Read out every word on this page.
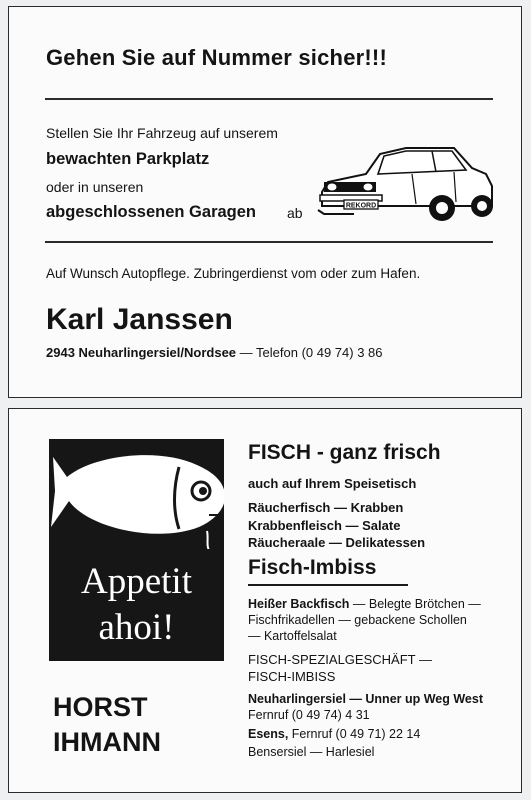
Gehen Sie auf Nummer sicher!!!
Stellen Sie Ihr Fahrzeug auf unserem
bewachten Parkplatz
oder in unseren
abgeschlossenen Garagen ab	REKORD
Auf Wunsch Autopflege. Zubringerdienst vom oder zum Hafen.
Karl Janssen
2943 Neuharlingersiel/Nordsee — Telefon (0 49 74) 3 86
Appetit
ahoi!
FISCH - ganz frisch
auch auf Ihrem Speisetisch
Räucherfisch — Krabben
Krabbenfleisch — Salate
Räucheraale — Delikatessen
Fisch-Imbiss
Heißer Backfisch — Belegte Brötchen —
Fischfrikadellen — gebackene Schollen
— Kartoffelsalat
FISCH-SPEZIALGESCHÄFT —
FISCH-IMBISS
HORST
IHMANN
Neuharlingersiel — Unner up Weg West
Fernruf (0 49 74) 4 31
Esens, Fernruf (0 49 71) 22 14
Bensersiel — Harlesiel
